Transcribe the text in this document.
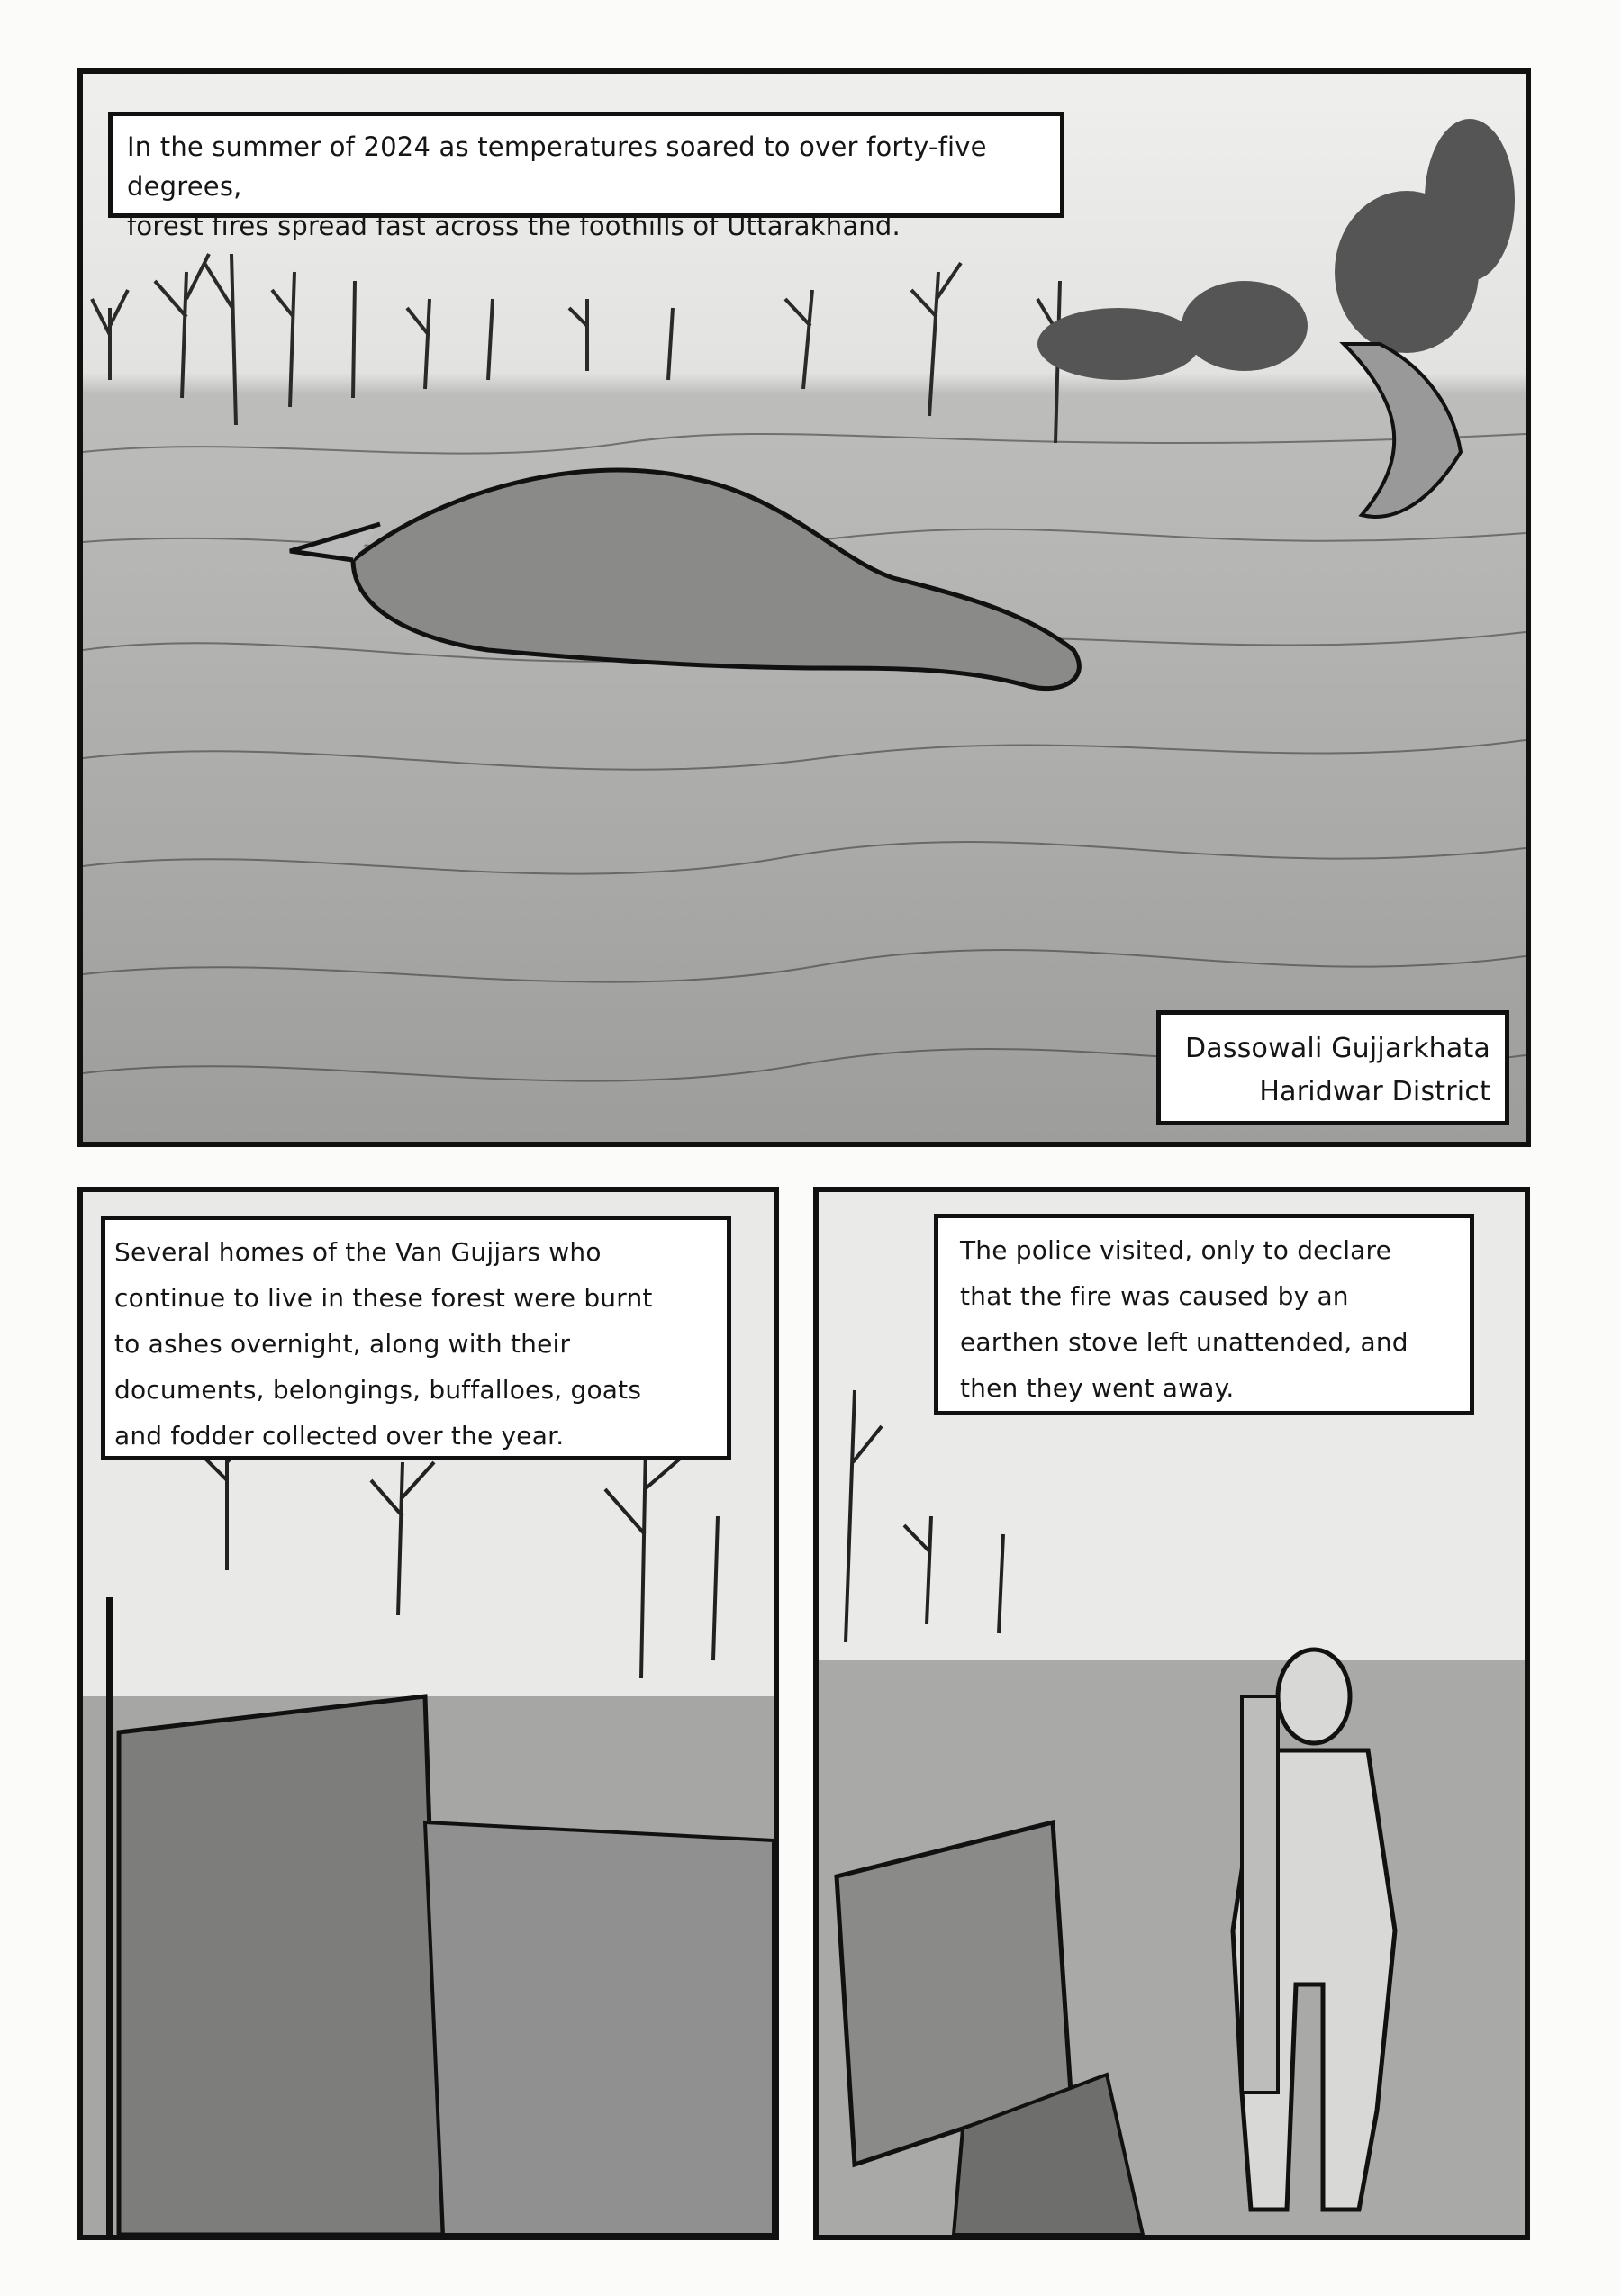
In the summer of 2024 as temperatures soared to over forty-five degrees,
forest fires spread fast across the foothills of Uttarakhand.
Dassowali Gujjarkhata
Haridwar District
Several homes of the Van Gujjars who
continue to live in these forest were burnt
to ashes overnight, along with their
documents, belongings, buffalloes, goats
and fodder collected over the year.
The police visited, only to declare
that the fire was caused by an
earthen stove left unattended, and
then they went away.
